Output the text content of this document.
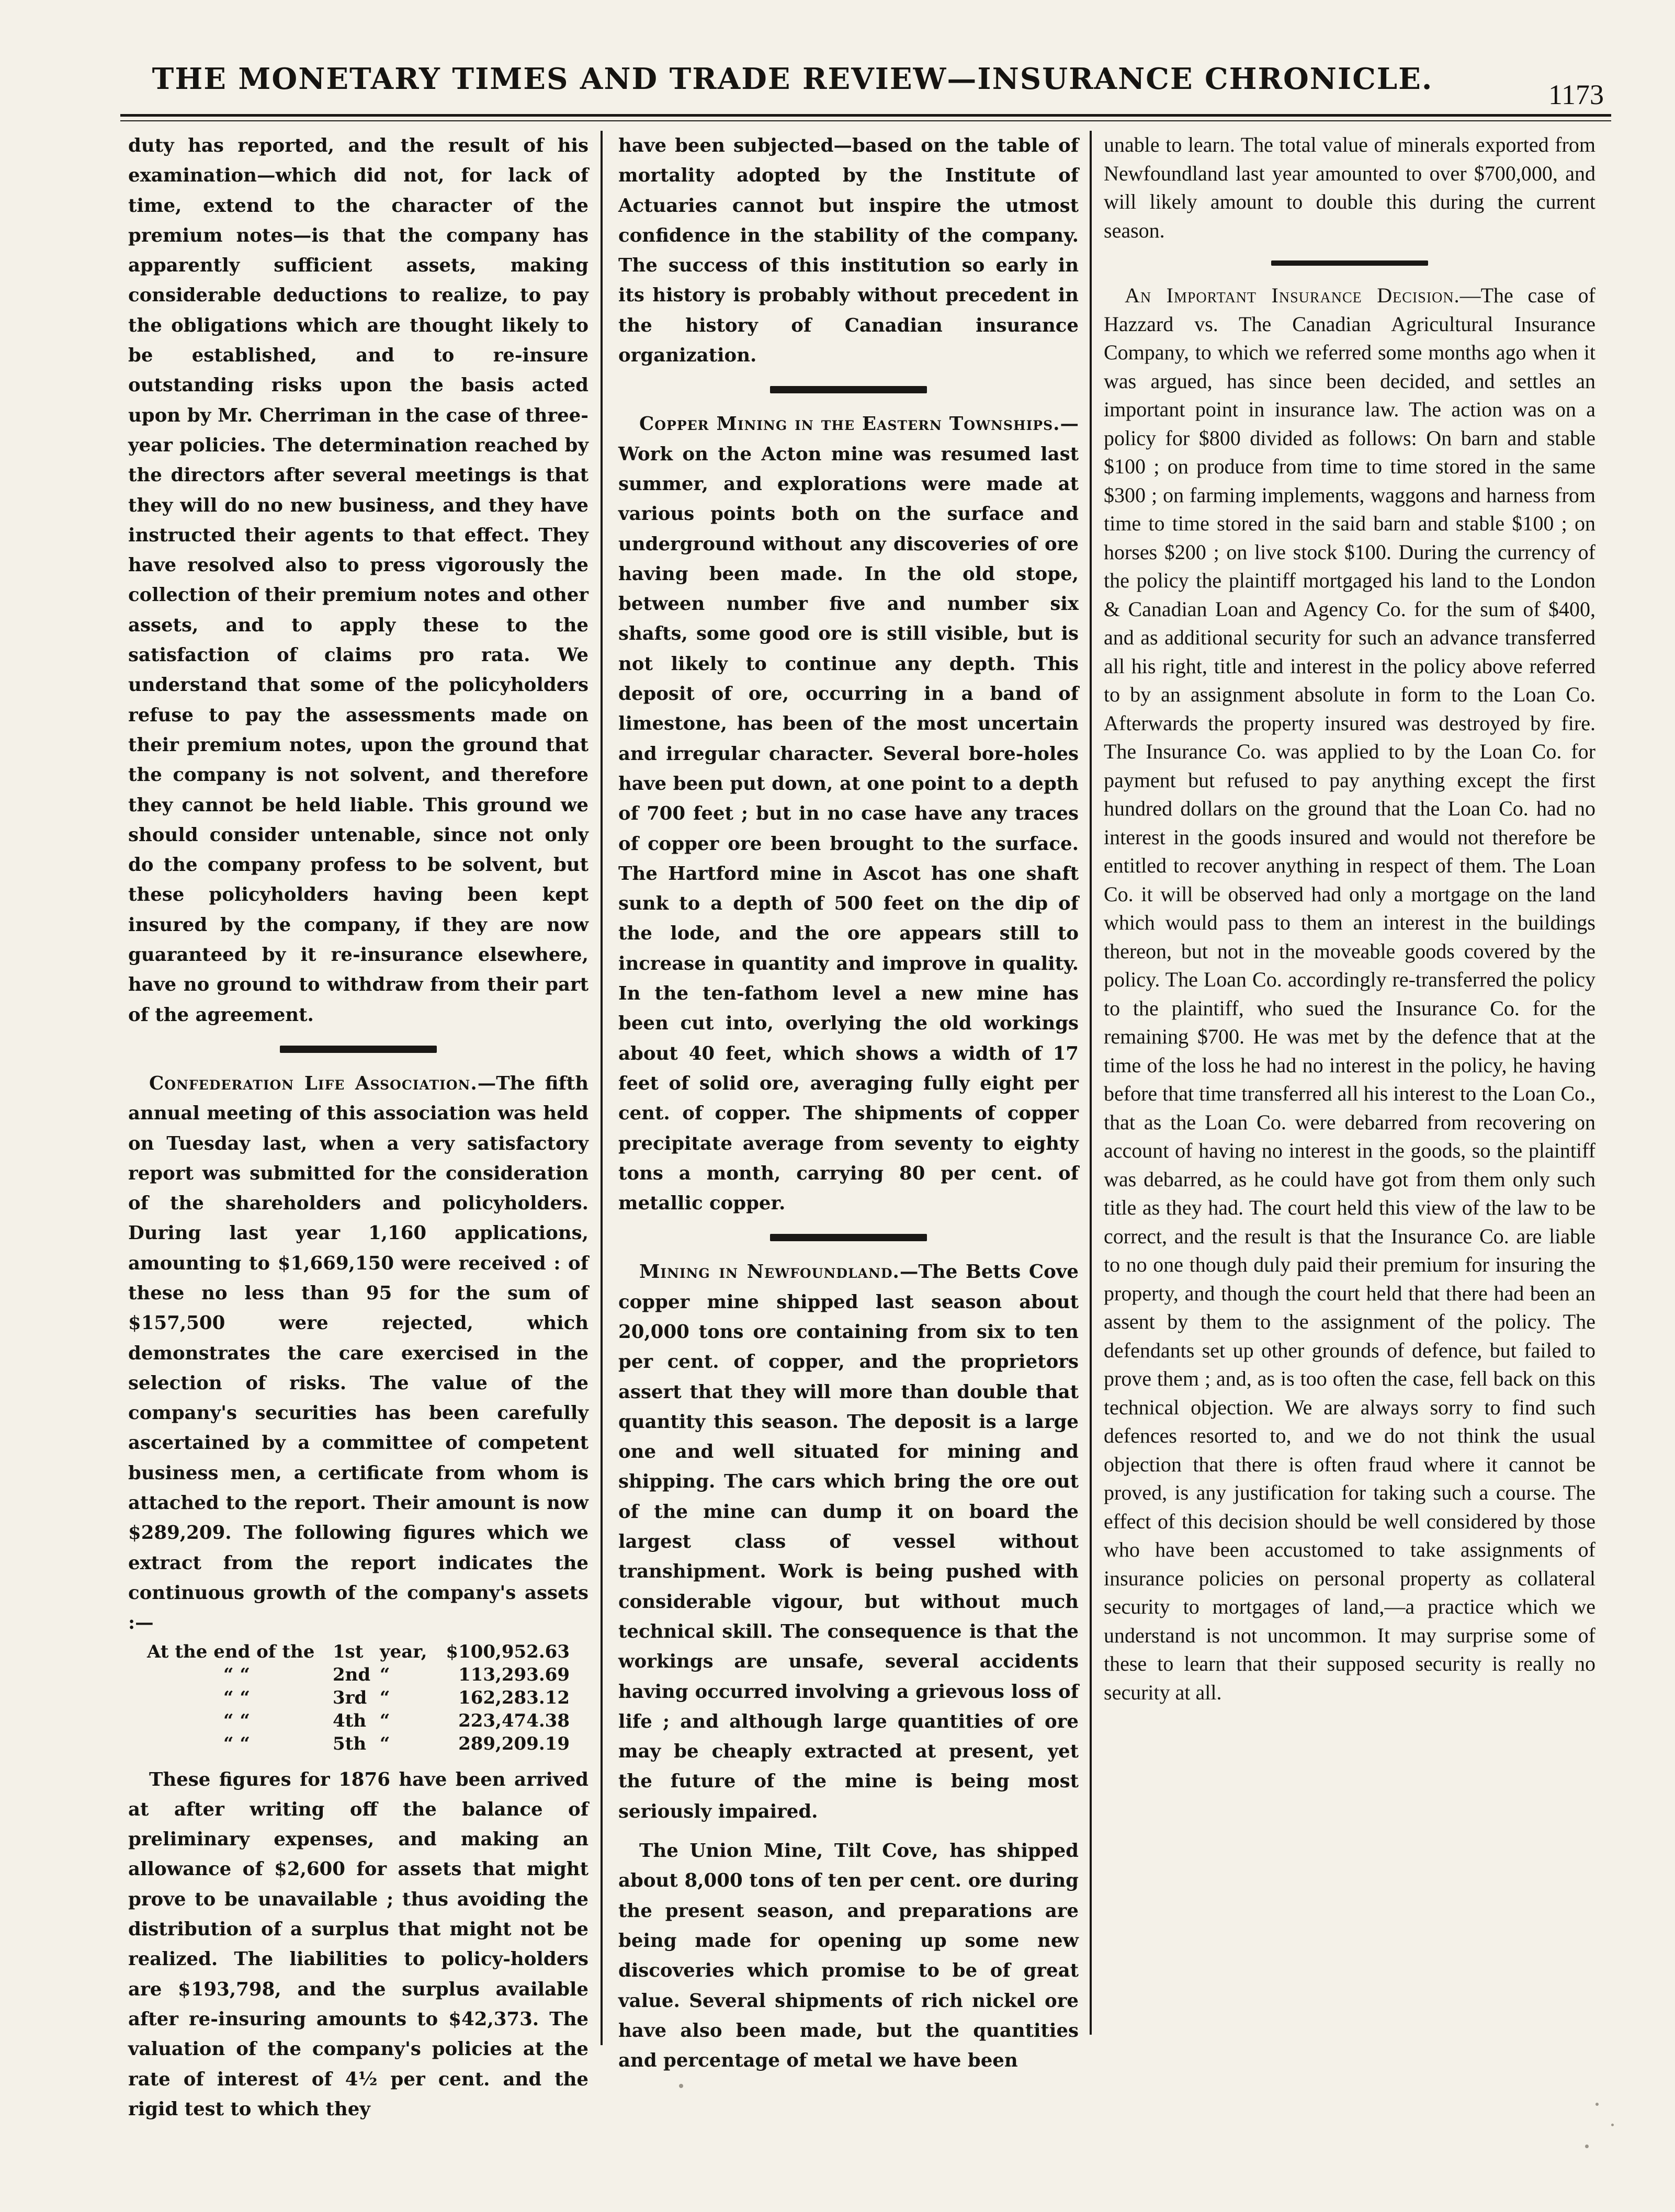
THE MONETARY TIMES AND TRADE REVIEW—INSURANCE CHRONICLE.	1173

duty has reported, and the result of his examination—which did not, for lack of time, extend to the character of the premium notes—is that the company has apparently sufficient assets, making considerable deductions to realize, to pay the obligations which are thought likely to be established, and to re-insure outstanding risks upon the basis acted upon by Mr. Cherriman in the case of three-year policies. The determination reached by the directors after several meetings is that they will do no new business, and they have instructed their agents to that effect. They have resolved also to press vigorously the collection of their premium notes and other assets, and to apply these to the satisfaction of claims pro rata. We understand that some of the policyholders refuse to pay the assessments made on their premium notes, upon the ground that the company is not solvent, and therefore they cannot be held liable. This ground we should consider untenable, since not only do the company profess to be solvent, but these policyholders having been kept insured by the company, if they are now guaranteed by it re-insurance elsewhere, have no ground to withdraw from their part of the agreement.

Confederation Life Association.—The fifth annual meeting of this association was held on Tuesday last, when a very satisfactory report was submitted for the consideration of the shareholders and policyholders. During last year 1,160 applications, amounting to $1,669,150 were received : of these no less than 95 for the sum of $157,500 were rejected, which demonstrates the care exercised in the selection of risks. The value of the company's securities has been carefully ascertained by a committee of competent business men, a certificate from whom is attached to the report. Their amount is now $289,209. The following figures which we extract from the report indicates the continuous growth of the company's assets :—

At the end of the	1st	year,	$100,952.63
“ “	2nd	“	113,293.69
“ “	3rd	“	162,283.12
“ “	4th	“	223,474.38
“ “	5th	“	289,209.19

These figures for 1876 have been arrived at after writing off the balance of preliminary expenses, and making an allowance of $2,600 for assets that might prove to be unavailable ; thus avoiding the distribution of a surplus that might not be realized. The liabilities to policy-holders are $193,798, and the surplus available after re-insuring amounts to $42,373. The valuation of the company's policies at the rate of interest of 4½ per cent. and the rigid test to which they

have been subjected—based on the table of mortality adopted by the Institute of Actuaries cannot but inspire the utmost confidence in the stability of the company. The success of this institution so early in its history is probably without precedent in the history of Canadian insurance organization.

Copper Mining in the Eastern Townships.—Work on the Acton mine was resumed last summer, and explorations were made at various points both on the surface and underground without any discoveries of ore having been made. In the old stope, between number five and number six shafts, some good ore is still visible, but is not likely to continue any depth. This deposit of ore, occurring in a band of limestone, has been of the most uncertain and irregular character. Several bore-holes have been put down, at one point to a depth of 700 feet ; but in no case have any traces of copper ore been brought to the surface. The Hartford mine in Ascot has one shaft sunk to a depth of 500 feet on the dip of the lode, and the ore appears still to increase in quantity and improve in quality. In the ten-fathom level a new mine has been cut into, overlying the old workings about 40 feet, which shows a width of 17 feet of solid ore, averaging fully eight per cent. of copper. The shipments of copper precipitate average from seventy to eighty tons a month, carrying 80 per cent. of metallic copper.

Mining in Newfoundland.—The Betts Cove copper mine shipped last season about 20,000 tons ore containing from six to ten per cent. of copper, and the proprietors assert that they will more than double that quantity this season. The deposit is a large one and well situated for mining and shipping. The cars which bring the ore out of the mine can dump it on board the largest class of vessel without transhipment. Work is being pushed with considerable vigour, but without much technical skill. The consequence is that the workings are unsafe, several accidents having occurred involving a grievous loss of life ; and although large quantities of ore may be cheaply extracted at present, yet the future of the mine is being most seriously impaired.

The Union Mine, Tilt Cove, has shipped about 8,000 tons of ten per cent. ore during the present season, and preparations are being made for opening up some new discoveries which promise to be of great value. Several shipments of rich nickel ore have also been made, but the quantities and percentage of metal we have been

unable to learn. The total value of minerals exported from Newfoundland last year amounted to over $700,000, and will likely amount to double this during the current season.

An Important Insurance Decision.—The case of Hazzard vs. The Canadian Agricultural Insurance Company, to which we referred some months ago when it was argued, has since been decided, and settles an important point in insurance law. The action was on a policy for $800 divided as follows: On barn and stable $100 ; on produce from time to time stored in the same $300 ; on farming implements, waggons and harness from time to time stored in the said barn and stable $100 ; on horses $200 ; on live stock $100. During the currency of the policy the plaintiff mortgaged his land to the London & Canadian Loan and Agency Co. for the sum of $400, and as additional security for such an advance transferred all his right, title and interest in the policy above referred to by an assignment absolute in form to the Loan Co. Afterwards the property insured was destroyed by fire. The Insurance Co. was applied to by the Loan Co. for payment but refused to pay anything except the first hundred dollars on the ground that the Loan Co. had no interest in the goods insured and would not therefore be entitled to recover anything in respect of them. The Loan Co. it will be observed had only a mortgage on the land which would pass to them an interest in the buildings thereon, but not in the moveable goods covered by the policy. The Loan Co. accordingly re-transferred the policy to the plaintiff, who sued the Insurance Co. for the remaining $700. He was met by the defence that at the time of the loss he had no interest in the policy, he having before that time transferred all his interest to the Loan Co., that as the Loan Co. were debarred from recovering on account of having no interest in the goods, so the plaintiff was debarred, as he could have got from them only such title as they had. The court held this view of the law to be correct, and the result is that the Insurance Co. are liable to no one though duly paid their premium for insuring the property, and though the court held that there had been an assent by them to the assignment of the policy. The defendants set up other grounds of defence, but failed to prove them ; and, as is too often the case, fell back on this technical objection. We are always sorry to find such defences resorted to, and we do not think the usual objection that there is often fraud where it cannot be proved, is any justification for taking such a course. The effect of this decision should be well considered by those who have been accustomed to take assignments of insurance policies on personal property as collateral security to mortgages of land,—a practice which we understand is not uncommon. It may surprise some of these to learn that their supposed security is really no security at all.
